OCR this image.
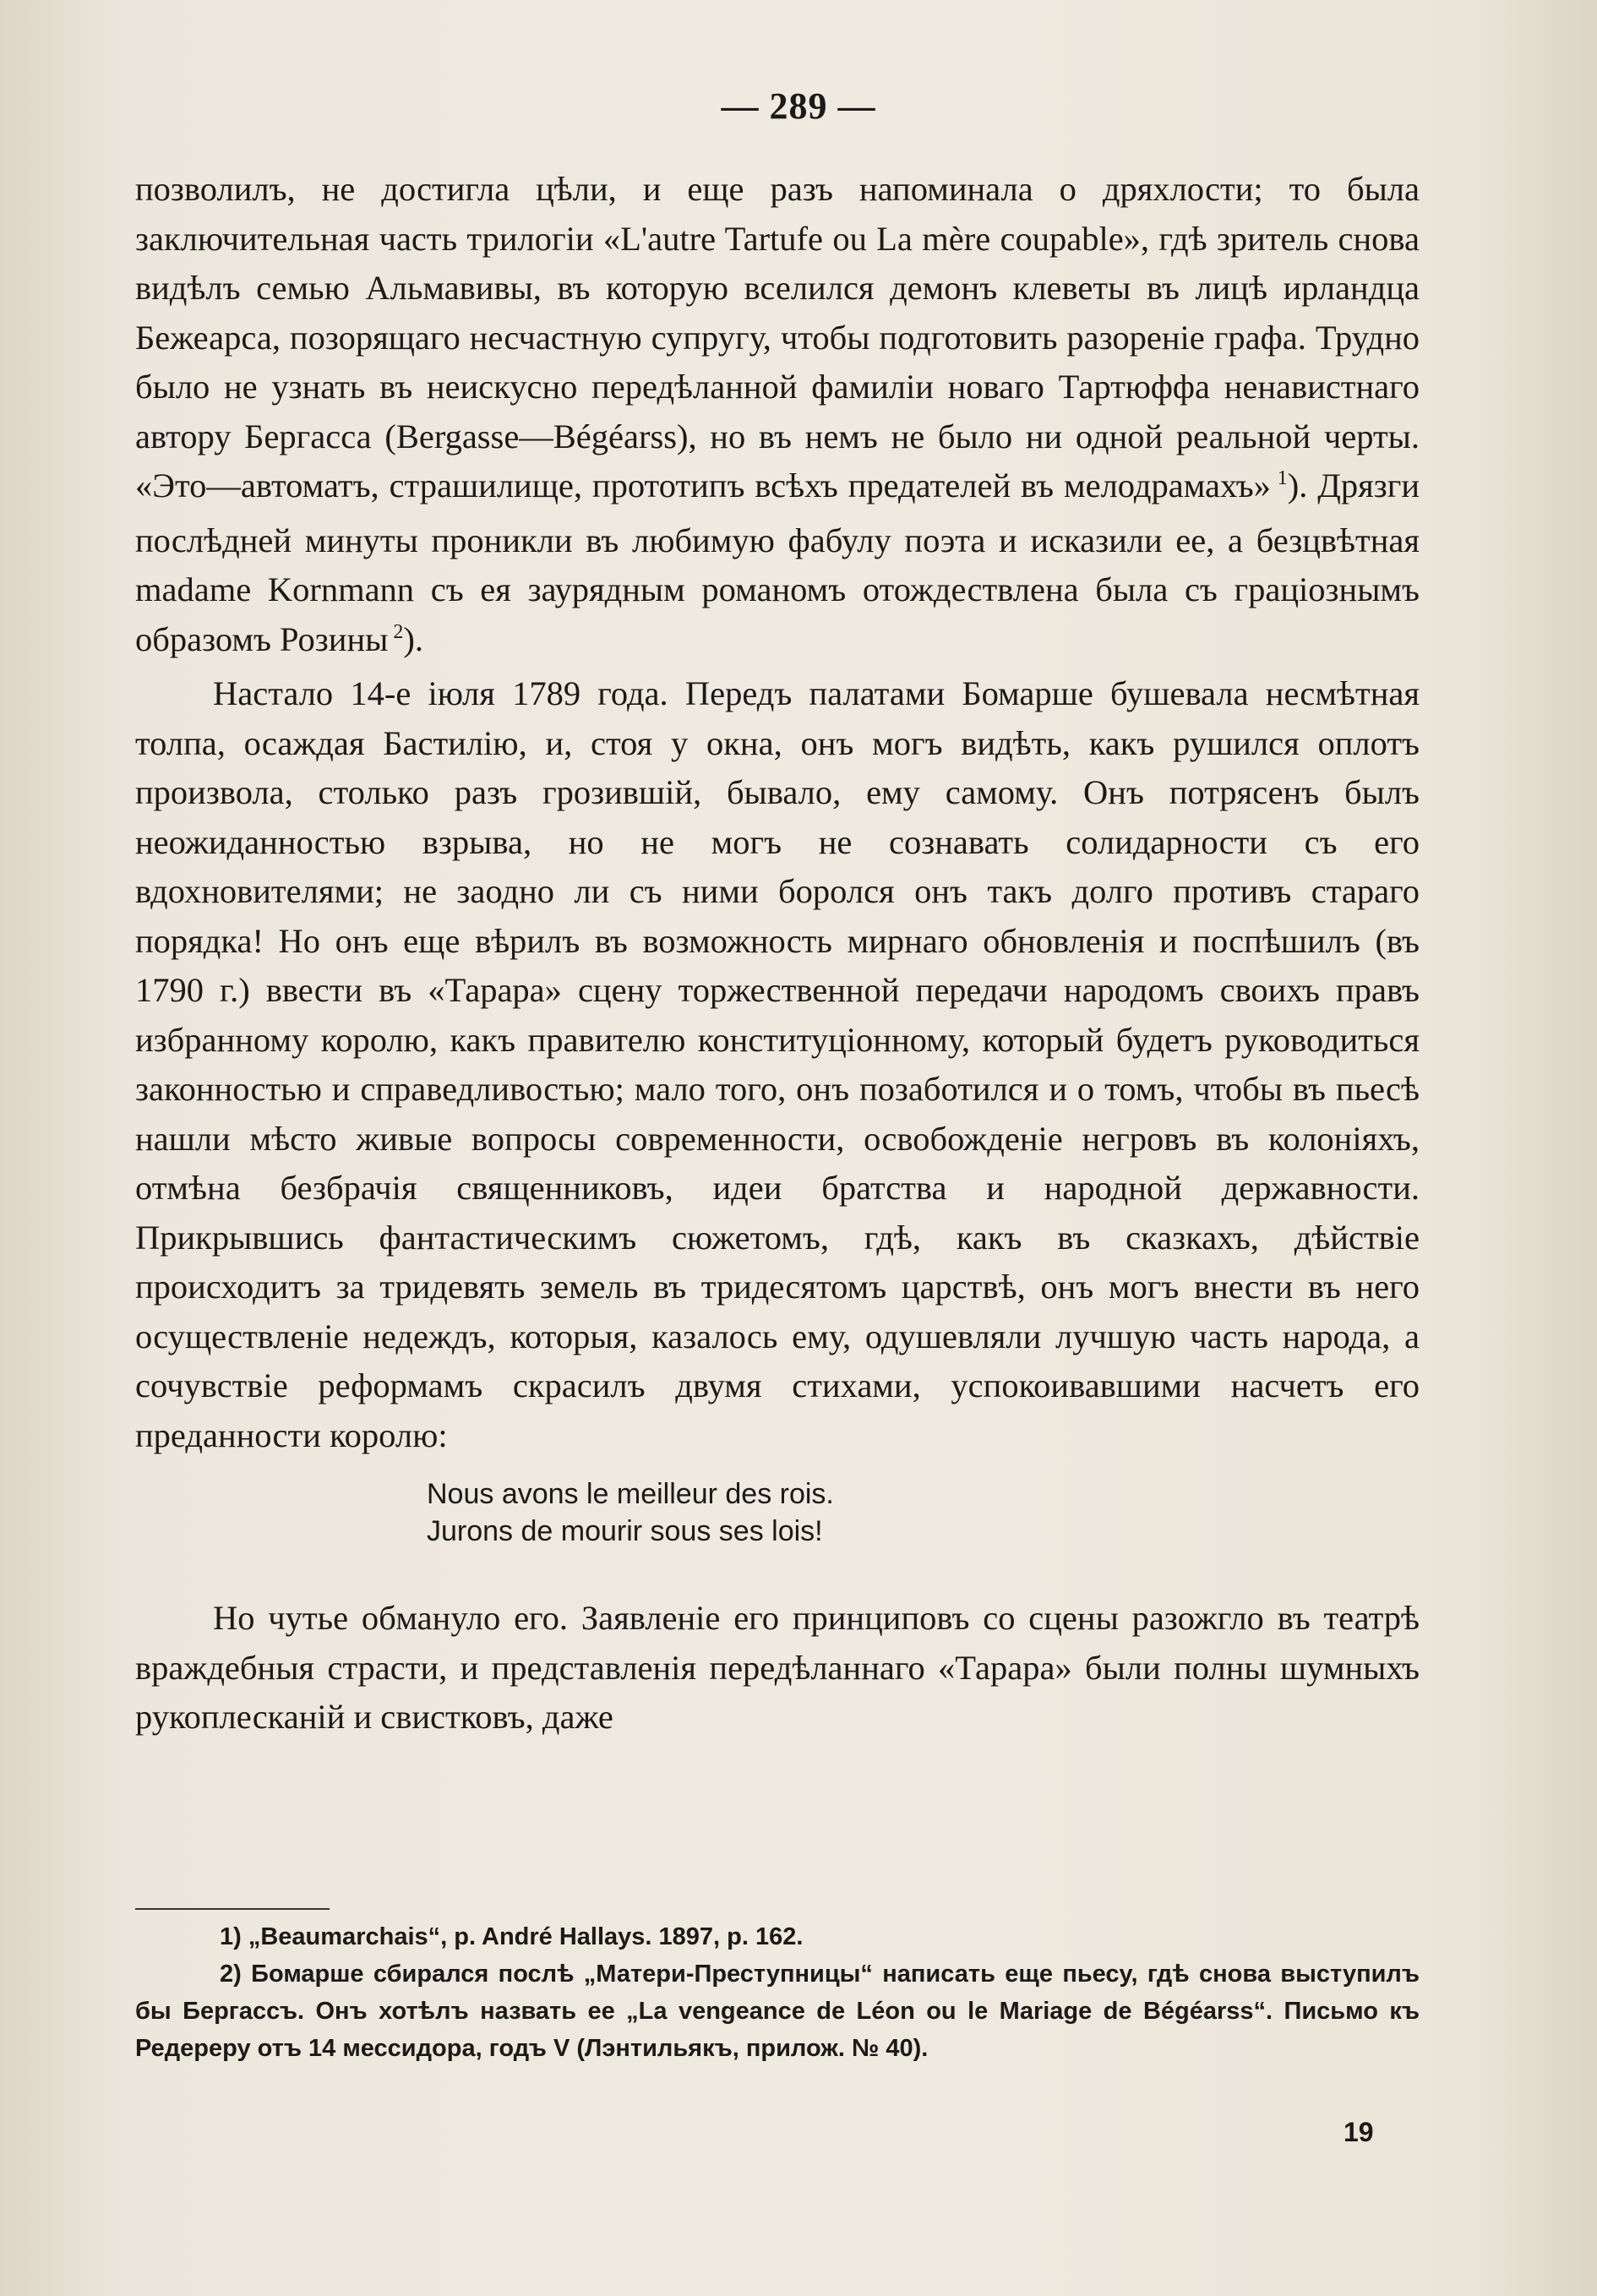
— 289 —

позволилъ, не достигла цѣли, и еще разъ напоминала о дряхлости; то была заключительная часть трилогiи «L'autre Tartufe ou La mère coupable», гдѣ зритель снова видѣлъ семью Альмавивы, въ которую вселился демонъ клеветы въ лицѣ ирландца Бежеарса, позорящаго несчастную супругу, чтобы подготовить разоренiе графа. Трудно было не узнать въ неискусно передѣланной фамилiи новаго Тартюффа ненавистнаго автору Бергасса (Bergasse—Bégéarss), но въ немъ не было ни одной реальной черты. «Это—автоматъ, страшилище, прототипъ всѣхъ предателей въ мелодрамахъ» $^1$). Дрязги послѣдней минуты проникли въ любимую фабулу поэта и исказили ее, а безцвѣтная madame Kornmann съ ея заурядным романомъ отождествлена была съ грацiознымъ образомъ Розины $^2$).

Настало 14-е iюля 1789 года. Передъ палатами Бомарше бушевала несмѣтная толпа, осаждая Бастилiю, и, стоя у окна, онъ могъ видѣть, какъ рушился оплотъ произвола, столько разъ грозившiй, бывало, ему самому. Онъ потрясенъ былъ неожиданностью взрыва, но не могъ не сознавать солидарности съ его вдохновителями; не заодно ли съ ними боролся онъ такъ долго противъ стараго порядка! Но онъ еще вѣрилъ въ возможность мирнаго обновленiя и поспѣшилъ (въ 1790 г.) ввести въ «Тарара» сцену торжественной передачи народомъ своихъ правъ избранному королю, какъ правителю конституцiонному, который будетъ руководиться законностью и справедливостью; мало того, онъ позаботился и о томъ, чтобы въ пьесѣ нашли мѣсто живые вопросы современности, освобожденiе негровъ въ колонiяхъ, отмѣна безбрачiя священниковъ, идеи братства и народной державности. Прикрывшись фантастическимъ сюжетомъ, гдѣ, какъ въ сказкахъ, дѣйствiе происходитъ за тридевять земель въ тридесятомъ царствѣ, онъ могъ внести въ него осуществленiе недеждъ, которыя, казалось ему, одушевляли лучшую часть народа, а сочувствiе реформамъ скрасилъ двумя стихами, успокоивавшими насчетъ его преданности королю:

Nous avons le meilleur des rois.
Jurons de mourir sous ses lois!

Но чутье обмануло его. Заявленiе его принциповъ со сцены разожгло въ театрѣ враждебныя страсти, и представленiя передѣланнаго «Тарара» были полны шумныхъ рукоплесканiй и свистковъ, даже

1) „Beaumarchais“, p. André Hallays. 1897, p. 162.

2) Бомарше сбирался послѣ „Матери-Преступницы“ написать еще пьесу, гдѣ снова выступилъ бы Бергассъ. Онъ хотѣлъ назвать ее „La vengeance de Léon ou le Mariage de Bégéarss“. Письмо къ Редереру отъ 14 мессидора, годъ V (Лэнтильякъ, прилож. № 40).

19
